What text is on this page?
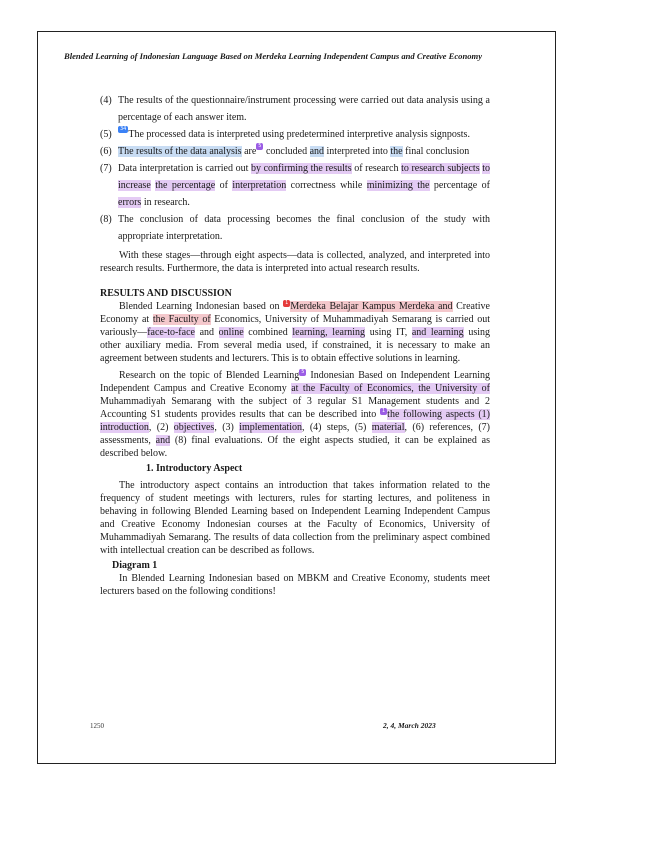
Blended Learning of Indonesian Language Based on Merdeka Learning Independent Campus and Creative Economy
(4) The results of the questionnaire/instrument processing were carried out data analysis using a percentage of each answer item.
(5)	34 The processed data is interpreted using predetermined interpretive analysis signposts.
(6) The results of the data analysis are 5 concluded and interpreted into the final conclusion
(7) Data interpretation is carried out by confirming the results of research to research subjects to increase the percentage of interpretation correctness while minimizing the percentage of errors in research.
(8) The conclusion of data processing becomes the final conclusion of the study with appropriate interpretation.

With these stages—through eight aspects—data is collected, analyzed, and interpreted into research results. Furthermore, the data is interpreted into actual research results.

RESULTS AND DISCUSSION

Blended Learning Indonesian based on 1 Merdeka Belajar Kampus Merdeka and Creative Economy at the Faculty of Economics, University of Muhammadiyah Semarang is carried out variously—face-to-face and online combined learning, learning using IT, and learning using other auxiliary media. From several media used, if constrained, it is necessary to make an agreement between students and lecturers. This is to obtain effective solutions in learning.

Research on the topic of Blended Learning 5 Indonesian Based on Independent Learning Independent Campus and Creative Economy at the Faculty of Economics, the University of Muhammadiyah Semarang with the subject of 3 regular S1 Management students and 2 Accounting S1 students provides results that can be described into 1 the following aspects (1) introduction, (2) objectives, (3) implementation, (4) steps, (5) material, (6) references, (7) assessments, and (8) final evaluations. Of the eight aspects studied, it can be explained as described below.

1. Introductory Aspect

The introductory aspect contains an introduction that takes information related to the frequency of student meetings with lecturers, rules for starting lectures, and politeness in behaving in following Blended Learning based on Independent Learning Independent Campus and Creative Economy Indonesian courses at the Faculty of Economics, University of Muhammadiyah Semarang. The results of data collection from the preliminary aspect combined with intellectual creation can be described as follows.

Diagram 1

In Blended Learning Indonesian based on MBKM and Creative Economy, students meet lecturers based on the following conditions!

1250	2, 4, March 2023
